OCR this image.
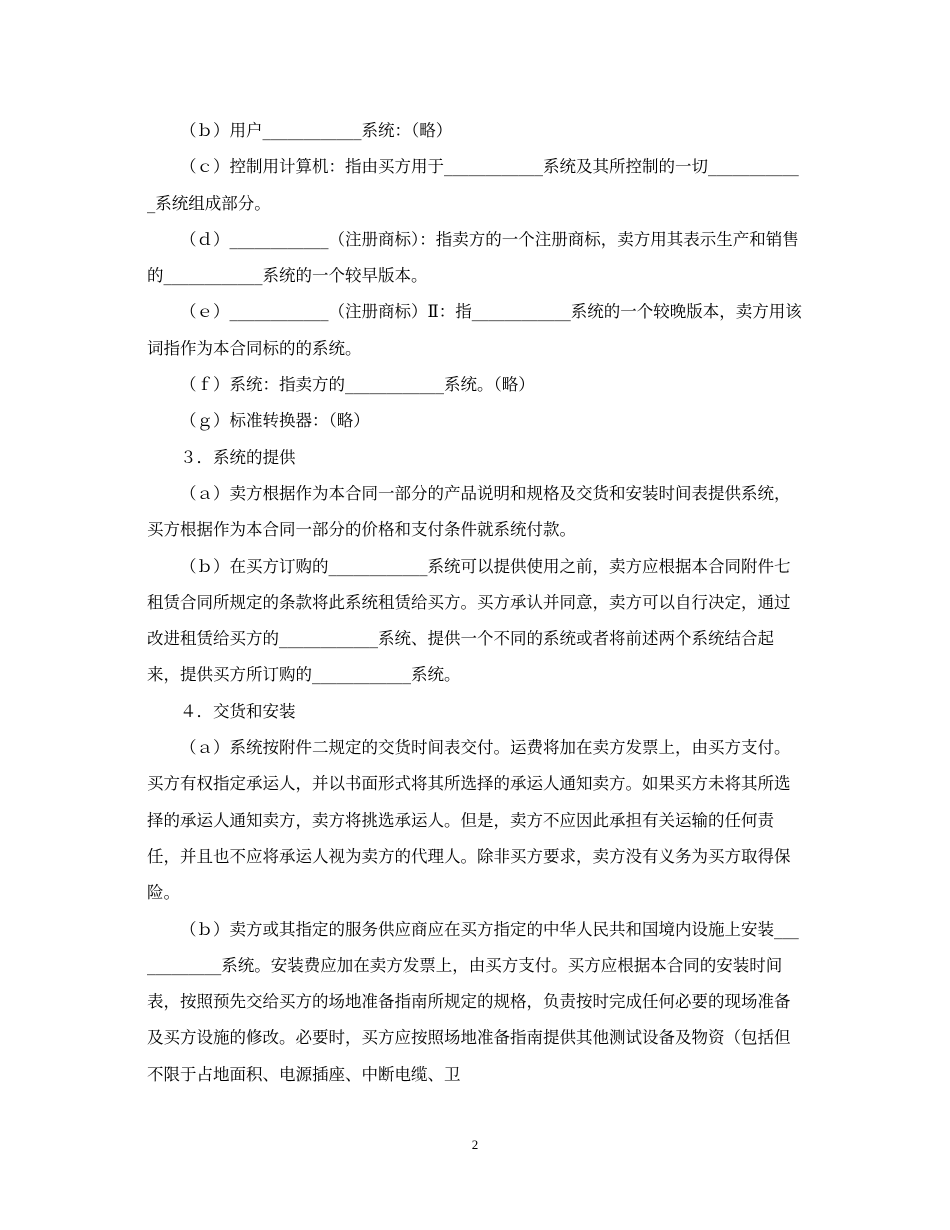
（ｂ）用户____________系统：（略）

（ｃ）控制用计算机：指由买方用于____________系统及其所控制的一切____________系统组成部分。

（ｄ）____________（注册商标）：指卖方的一个注册商标，卖方用其表示生产和销售的____________系统的一个较早版本。

（ｅ）____________（注册商标）Ⅱ：指____________系统的一个较晚版本，卖方用该词指作为本合同标的的系统。

（ｆ）系统：指卖方的____________系统。（略）

（ｇ）标准转换器：（略）

３．系统的提供

（ａ）卖方根据作为本合同一部分的产品说明和规格及交货和安装时间表提供系统，买方根据作为本合同一部分的价格和支付条件就系统付款。

（ｂ）在买方订购的____________系统可以提供使用之前，卖方应根据本合同附件七租赁合同所规定的条款将此系统租赁给买方。买方承认并同意，卖方可以自行决定，通过改进租赁给买方的____________系统、提供一个不同的系统或者将前述两个系统结合起来，提供买方所订购的____________系统。

４．交货和安装

（ａ）系统按附件二规定的交货时间表交付。运费将加在卖方发票上，由买方支付。买方有权指定承运人，并以书面形式将其所选择的承运人通知卖方。如果买方未将其所选择的承运人通知卖方，卖方将挑选承运人。但是，卖方不应因此承担有关运输的任何责任，并且也不应将承运人视为卖方的代理人。除非买方要求，卖方没有义务为买方取得保险。

（ｂ）卖方或其指定的服务供应商应在买方指定的中华人民共和国境内设施上安装____________系统。安装费应加在卖方发票上，由买方支付。买方应根据本合同的安装时间表，按照预先交给买方的场地准备指南所规定的规格，负责按时完成任何必要的现场准备及买方设施的修改。必要时，买方应按照场地准备指南提供其他测试设备及物资（包括但不限于占地面积、电源插座、中断电缆、卫

2
